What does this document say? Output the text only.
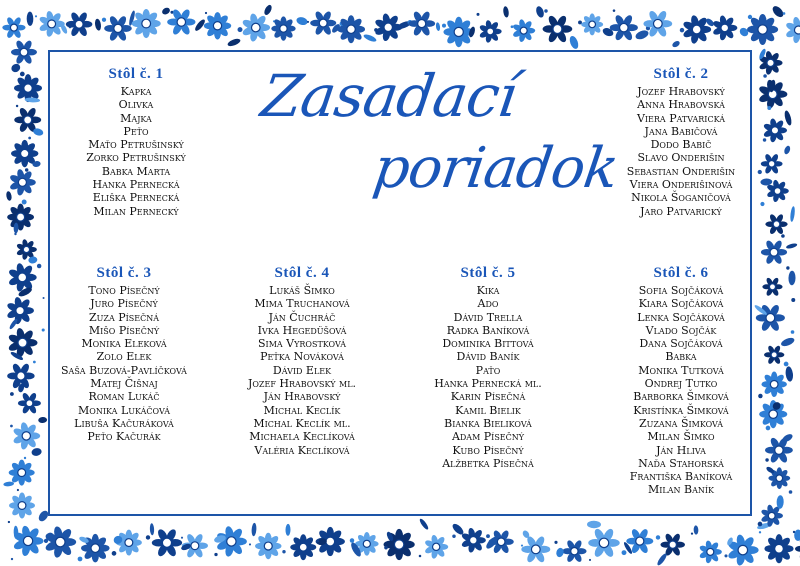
Zasadací
poriadok
Stôl č. 1
Kapka
Olivka
Majka
Peťo
Maťo Petrušinský
Zorko Petrušinský
Babka Marta
Hanka Pernecká
Eliška Pernecká
Milan Pernecký
Stôl č. 2
Jozef Hrabovský
Anna Hrabovská
Viera Patvarická
Jana Babičová
Dodo Babič
Slavo Onderišin
Sebastian Onderišin
Viera Onderišinová
Nikola Šoganičová
Jaro Patvarický
Stôl č. 3
Tono Písečný
Juro Písečný
Zuza Písečná
Mišo Písečný
Monika Eleková
Zolo Elek
Saša Buzová-Pavlíčková
Matej Čišnaj
Roman Lukáč
Monika Lukáčová
Libuša Kačuráková
Peťo Kačurák
Stôl č. 4
Lukáš Šimko
Mima Truchanová
Ján Čuchráč
Ivka Hegedüšová
Sima Vyrostková
Peťka Nováková
Dávid Elek
Jozef Hrabovský ml.
Ján Hrabovský
Michal Keclík
Michal Keclík ml.
Michaela Keclíková
Valéria Keclíková
Stôl č. 5
Kika
Ado
Dávid Trella
Radka Baníková
Dominika Bittová
Dávid Baník
Paťo
Hanka Pernecká ml.
Karin Písečná
Kamil Bielik
Bianka Bieliková
Adam Písečný
Kubo Písečný
Alžbetka Písečná
Stôl č. 6
Sofia Sojčáková
Kiara Sojčáková
Lenka Sojčáková
Vlado Sojčák
Dana Sojčáková
Babka
Monika Tutková
Ondrej Tutko
Barborka Šimková
Kristínka Šimková
Zuzana Šimková
Milan Šimko
Ján Hliva
Naďa Stahorská
Františka Baníková
Milan Baník
